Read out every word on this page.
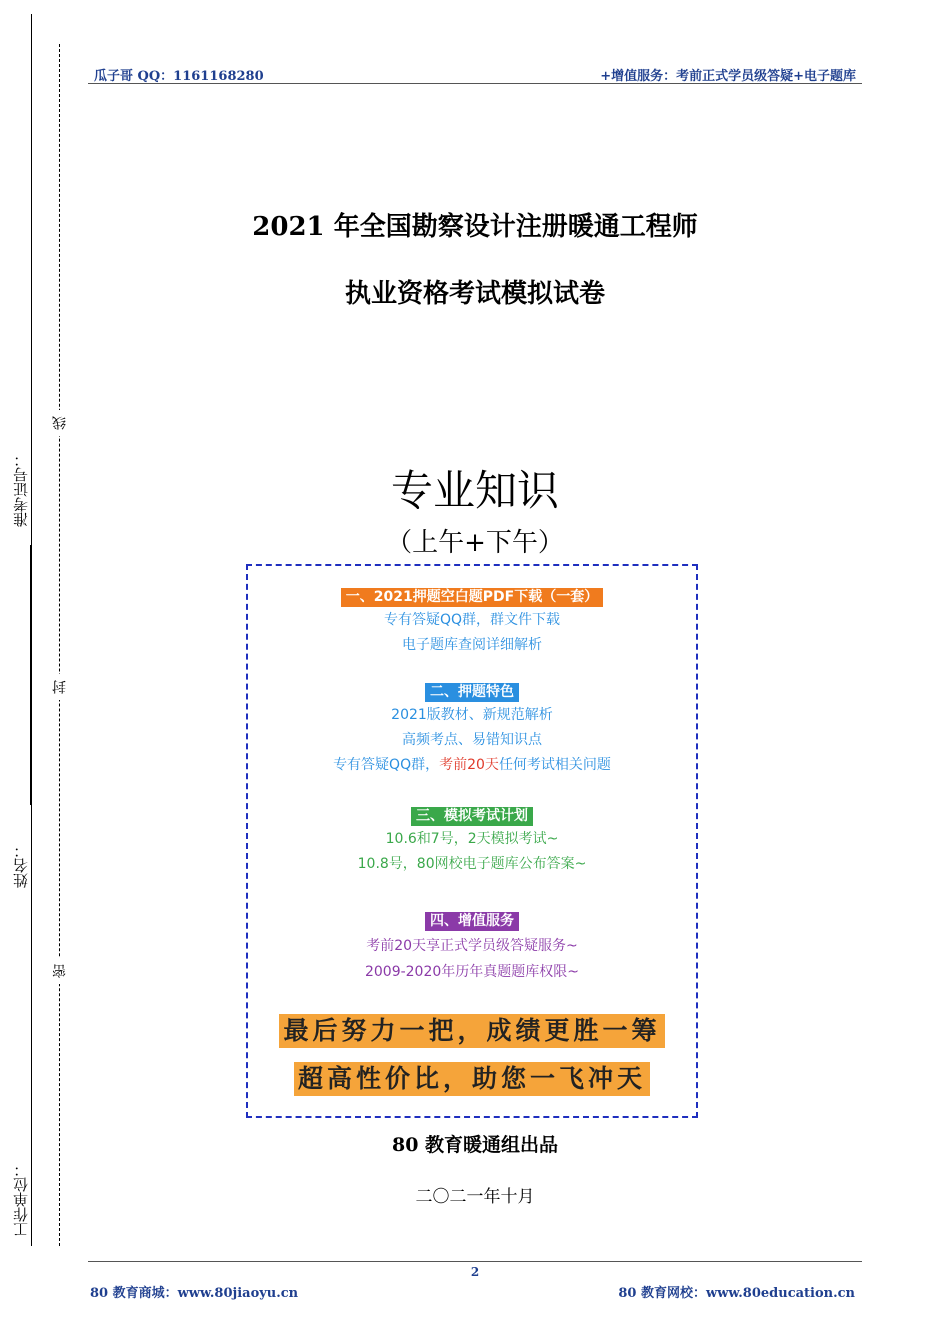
准考证号：
姓名：
工作单位：
线
封
密
瓜子哥 QQ：1161168280	+增值服务：考前正式学员级答疑+电子题库
2021 年全国勘察设计注册暖通工程师
执业资格考试模拟试卷
专业知识
（上午+下午）
一、2021押题空白题PDF下载（一套）
专有答疑QQ群，群文件下载
电子题库查阅详细解析
二、押题特色
2021版教材、新规范解析
高频考点、易错知识点
专有答疑QQ群，考前20天任何考试相关问题
三、模拟考试计划
10.6和7号，2天模拟考试~
10.8号，80网校电子题库公布答案~
四、增值服务
考前20天享正式学员级答疑服务~
2009-2020年历年真题题库权限~
最后努力一把，成绩更胜一筹
超高性价比，助您一飞冲天
80 教育暖通组出品
二〇二一年十月
2
80 教育商城：www.80jiaoyu.cn	80 教育网校：www.80education.cn
